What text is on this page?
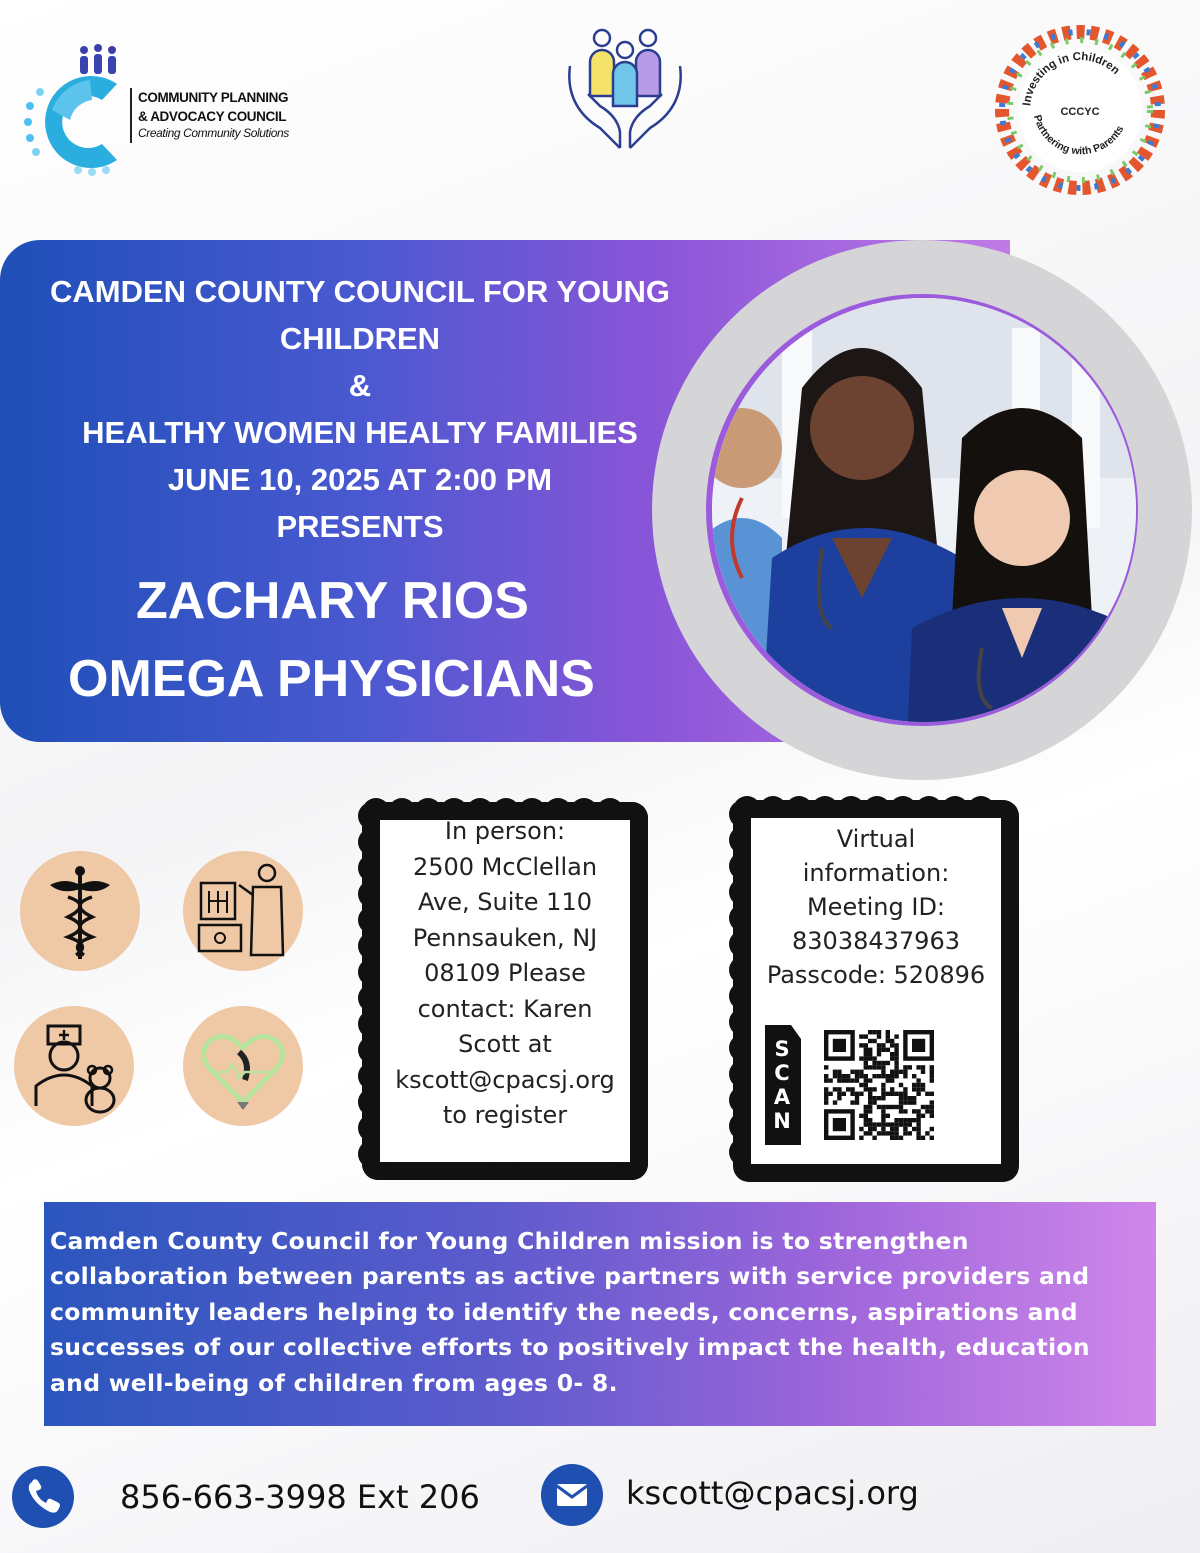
COMMUNITY PLANNING
& ADVOCACY COUNCIL
Creating Community Solutions
Investing in Children
Partnering with Parents
CCCYC
CAMDEN COUNTY COUNCIL FOR YOUNG
CHILDREN
&
HEALTHY WOMEN HEALTY FAMILIES
JUNE 10, 2025 AT 2:00 PM
PRESENTS
ZACHARY RIOS
OMEGA PHYSICIANS
In person:
2500 McClellan
Ave, Suite 110
Pennsauken, NJ
08109 Please
contact: Karen
Scott at
kscott@cpacsj.org
to register
Virtual
information:
Meeting ID:
83038437963
Passcode: 520896
S
C
A
N

Camden County Council for Young Children mission is to strengthen collaboration between parents as active partners with service providers and community leaders helping to identify the needs, concerns, aspirations and successes of our collective efforts to positively impact the health, education and well-being of children from ages 0- 8.

856-663-3998 Ext 206	kscott@cpacsj.org
